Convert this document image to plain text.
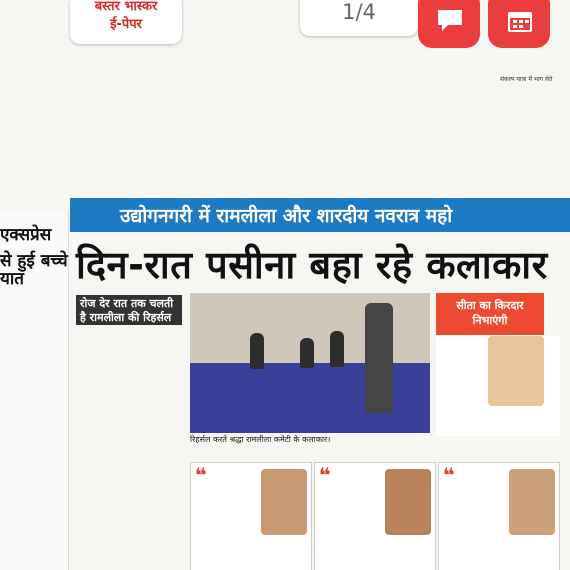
एक्सप्रेस
से हुई बच्चे
यात
उद्योगनगरी में रामलीला और शारदीय नवरात्र महो
दिन-रात पसीना बहा रहे कलाकार
रोज देर रात तक चलती है रामलीला की रिहर्सल
रिहर्सल करते श्रद्धा रामलीला कमेटी के कलाकार।
सीता का किरदार
निभाएंगी
❝	❝	❝
संकल्प यात्रा में भाग लेते
बस्तर भास्कर
ई-पेपर
1/4
